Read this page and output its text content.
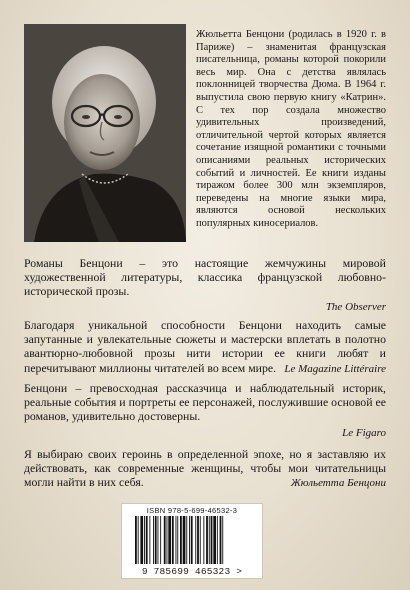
Жюльетта Бенцони (родилась в 1920 г. в Париже) – знаменитая французская писательница, романы которой покорили весь мир. Она с детства являлась поклонницей творчества Дюма. В 1964 г. выпустила свою первую книгу «Катрин». С тех пор создала множество удивительных произведений, отличительной чертой которых является сочетание изящной романтики с точными описаниями реальных исторических событий и личностей. Ее книги изданы тиражом более 300 млн экземпляров, переведены на многие языки мира, являются основой нескольких популярных киносериалов.

Романы Бенцони – это настоящие жемчужины мировой художественной литературы, классика французской любовно-исторической прозы.

The Observer

Благодаря уникальной способности Бенцони находить самые запутанные и увлекательные сюжеты и мастерски вплетать в полотно авантюрно-любовной прозы нити истории ее книги любят и перечитывают миллионы читателей во всем мире. Le Magazine Littéraire

Бенцони – превосходная рассказчица и наблюдательный историк, реальные события и портреты ее персонажей, послужившие основой ее романов, удивительно достоверны.

Le Figaro

Я выбираю своих героинь в определенной эпохе, но я заставляю их действовать, как современные женщины, чтобы мои читательницы могли найти в них себя.	Жюльетта Бенцони

ISBN 978-5-699-46532-3
9 785699 465323 >
